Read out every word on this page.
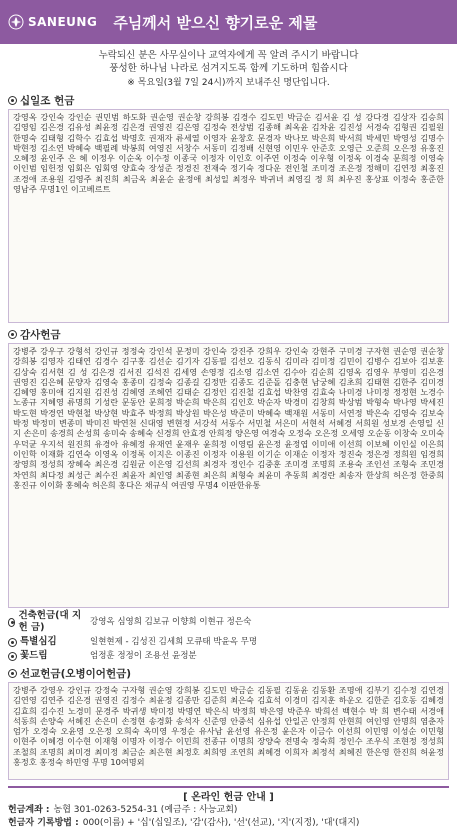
SANEUNG 주님께서 받으신 향기로운 제물
누락되신 분은 사무실이나 교역자에게 꼭 알려 주시기 바랍니다
풍성한 하나님 나라로 섬겨지도록 함께 기도하며 힘씁시다
※ 목요일(3월 7일 24시)까지 보내주신 명단입니다.
십일조 헌금
강영옥 강인숙 강인순 권민범 하도화 권순영 권순창 강희봉 김경수 김도민 박금순 김서윤 김 성 강다경 김상자 김승희 김영임 김은경 김유성 최윤정 김은경 권영진 김은영 김정숙 전상범 김종해 최옥윤 김차윤 김진성 서경숙 김형권 김필원 한명숙 김태형 김학수 김효섭 박명호 권재자 류세열 이영자 윤창호 문경자 박나모 박은희 박서희 박세민 박영성 김명수 박현정 김소연 박혜숙 백필례 박봉희 여영진 서창수 서동미 김정배 신현영 이민우 안준호 오영근 오준희 오은정 유홍진 오혜정 윤인주 은 혜 이정우 이순옥 이수정 이종국 이정자 이인호 이주연 이정숙 이우형 이정옥 이경숙 문희정 이영숙 이인범 임헌정 임회은 임회영 양효숙 장성준 정경진 전재숙 정기숙 정다운 전인철 조미경 조은정 정해미 김연정 최홍진 조경애 조용원 김영주 최진희 최금옥 최윤순 윤정애 최성일 최정우 박귀녀 최영길 정 희 최우진 홍상표 이정숙 홍준한 영남주 무명1인 이고베르트
감사헌금
강병주 강우구 강형석 강인규 정정숙 강인석 문정미 강인숙 강진주 강희우 강인숙 강현주 구미경 구자현 권순영 권순창 강희봉 김영자 김태연 김경수 김구홍 김선순 김기자 김동필 김선오 김동식 김미라 김미정 김민이 김병수 김보아 김보훈 김상숙 김서현 김 성 김은경 김서진 김석진 김세영 손영정 김소영 김소연 김수아 김순희 김영옥 김영우 부영미 김은경 권영진 김은혜 문양자 김영숙 홍종미 김정숙 김종길 김정만 김종도 김준돌 김충현 남궁혜 김초희 김태현 김한주 김미경 김혜영 홍미애 김지원 김진성 김혜영 조혜연 김태순 김정인 김진철 김효섭 박찬영 김효숙 나미경 나미정 정정현 노경수 노종규 지혜영 류명희 기성란 문동안 문희정 박순희 박은희 김인호 박순자 박경미 김창희 박상범 박형숙 박나영 박세진 박도현 박경연 박현철 박상현 박효주 박정희 박상원 박은성 박준미 박혜숙 백재원 서동미 서연정 박은숙 김영숙 김보숙 박정 박정미 변종미 박미진 박연천 신대영 변현정 서강석 서동수 서민철 서은미 서현석 서혜경 서희원 성보경 손영일 신 지 손은미 송경희 손성희 송미숙 송혜숙 신경희 안효경 안희정 양은영 여경숙 오정숙 오은정 오세영 오순동 이창숙 오미숙 우덕균 우지석 원진희 유경아 유혜정 유재연 윤재우 윤희정 이영림 윤은정 윤정엽 이미애 이선희 이보혜 이인실 이은희 이인학 이재화 김연숙 이영옥 이정록 이지은 이종진 이정자 이용원 이기순 이재순 이정자 정진숙 정은경 정희원 임경희 장영희 정성희 장혜숙 최은경 김원균 이은영 김선희 최경자 정인수 김중훈 조미경 조명희 조용숙 조인선 조형숙 조민경 차연희 최다정 최성근 최수진 최윤자 최인영 최종현 최은희 최형숙 최윤미 추동희 최경란 최송자 한상희 허은정 한중희 홍진규 이이화 홍혜숙 허은희 홍다은 채규식 여권영 무명4 이판한유통
건축헌금(대 지 헌 금)	강영옥 심영희 김보규 이향희 이현규 정은숙
특별심김	일현현제 - 김성진 김세희 모큐태 박윤옥 무명
꽃드림	엄정훈 정정이 조용선 윤정분
선교헌금(오병이어헌금)
강병주 강영우 강인규 강정숙 구자형 권순영 강희봉 김도민 박금순 김동필 김동윤 김동환 조명애 김부기 김수정 김연경 김연영 김연주 김은경 권영진 김정수 최윤정 김종만 김준희 최은숙 김효석 이경미 김지훈 하운오 김한준 김호동 김혜경 김효희 김수진 노경미 문경주 박귀생 박미정 박명연 박은식 박정희 박은영 박준우 박희선 백현수 박 희 변수태 서경애 석동희 손양숙 서혜진 손은미 손정현 송경화 송석자 신준영 안중석 심유섭 안일곤 안정희 안현희 여인영 안명희 염춘자 엄가 오경숙 오윤영 오은정 오희숙 옥미영 우정순 유사남 윤선영 유은정 윤은자 이금수 이선희 이민영 이성순 이민형 이현주 이혜경 이수현 이재형 이명자 이정수 이민희 전종규 이명희 장양숙 전명숙 정숙희 정인수 조우식 조현정 정성희 조철희 조명희 최미경 최미정 최금순 최은현 최정호 최희영 조연희 최혜경 이희자 최정석 최혜진 한은영 한진희 허윤정 홍정호 홍정숙 하민영 무명 10여명외
[ 온라인 헌금 안내 ]
헌금계좌 : 농협 301-0263-5254-31 (예금주 : 사능교회)
헌금자 기록방법 : 000(이름) + '십'(십일조), '감'(감사), '선'(선교), '지'(지정), '대'(대지)
